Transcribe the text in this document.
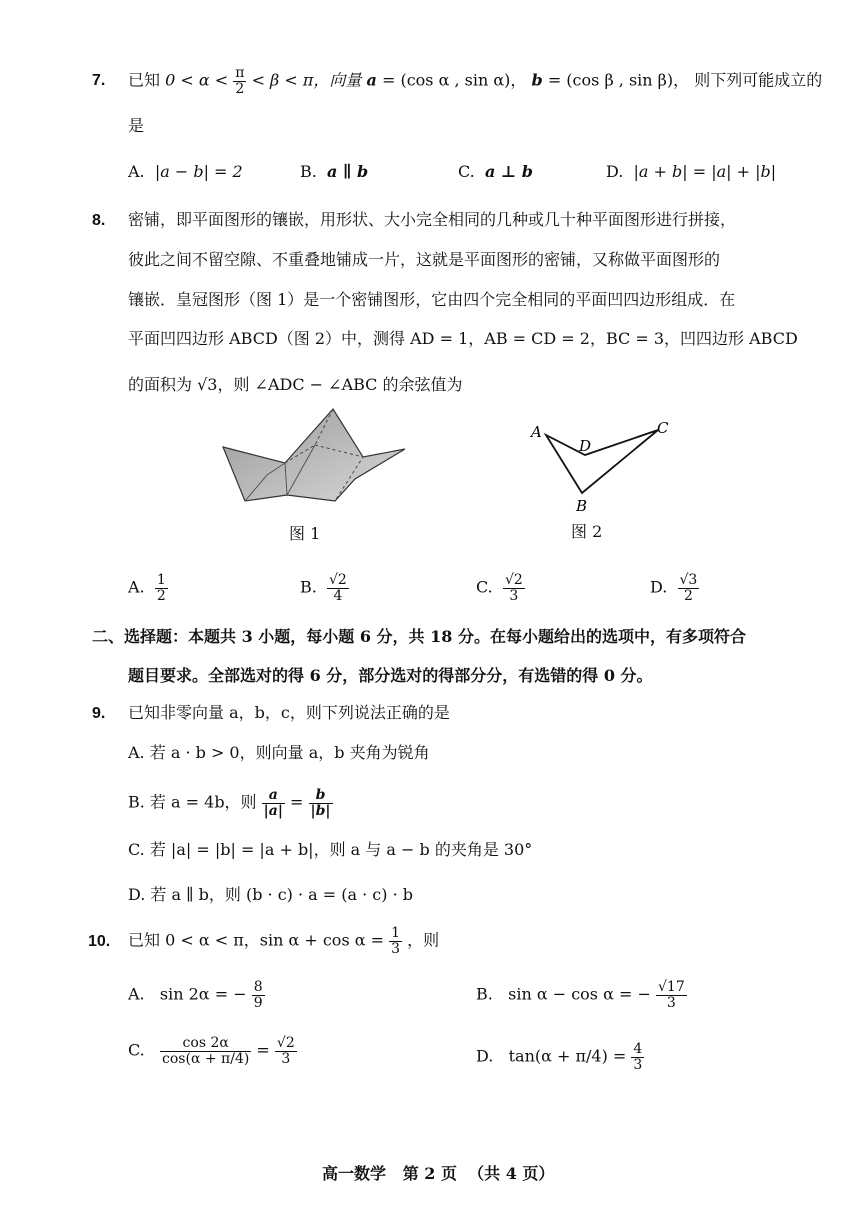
7. 已知 $0 < \alpha < \frac{\pi}{2} < \beta < \pi$，向量 a = (cos α , sin α)， b = (cos β , sin β)， 则下列可能成立的
是
A. |a − b| = 2	B. a ∥ b	C. a ⊥ b	D. |a + b| = |a| + |b|
8. 密铺，即平面图形的镶嵌，用形状、大小完全相同的几种或几十种平面图形进行拼接，
彼此之间不留空隙、不重叠地铺成一片，这就是平面图形的密铺，又称做平面图形的
镶嵌．皇冠图形（图 1）是一个密铺图形，它由四个完全相同的平面凹四边形组成．在
平面凹四边形 ABCD（图 2）中，测得 AD = 1，AB = CD = 2，BC = 3，凹四边形 ABCD
的面积为 √3，则 ∠ADC − ∠ABC 的余弦值为
图 1
A
D
C
B
图 2
A. $\frac{1}{2}$	B. $\frac{√2}{4}$	C. $\frac{√2}{3}$	D. $\frac{√3}{2}$
二、选择题：本题共 3 小题，每小题 6 分，共 18 分。在每小题给出的选项中，有多项符合
题目要求。全部选对的得 6 分，部分选对的得部分分，有选错的得 0 分。
9. 已知非零向量 a，b，c，则下列说法正确的是
A. 若 a · b > 0，则向量 a，b 夹角为锐角
B. 若 a = 4b，则 $\frac{a}{|a|} = \frac{b}{|b|}$
C. 若 |a| = |b| = |a + b|，则 a 与 a − b 的夹角是 30°
D. 若 a ∥ b，则 (b · c) · a = (a · c) · b
10. 已知 0 < α < π，$\sin \alpha + \cos \alpha = \frac{1}{3}$ ，则
A. sin 2α = − $\frac{8}{9}$	B. sin α − cos α = − $\frac{√17}{3}$
C. $\frac{\cos 2\alpha}{\cos(\alpha + \pi/4)} = \frac{√2}{3}$	D. $\tan(\alpha + \pi/4) = \frac{4}{3}$
高一数学   第 2 页  （共 4 页）
